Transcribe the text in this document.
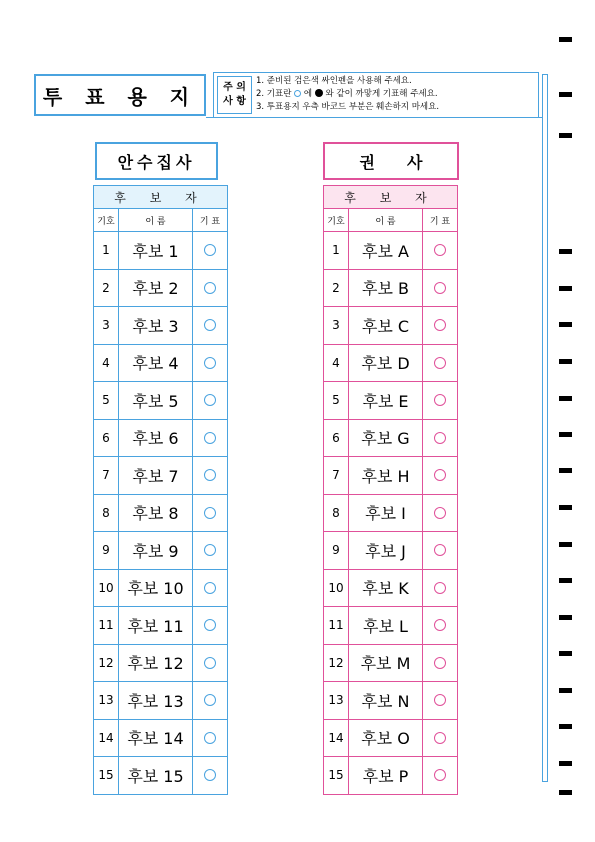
투 표 용 지	주 의
사 항
1. 준비된 검은색 싸인펜을 사용해 주세요.
2. 기표란 에 와 같이 까맣게 기표해 주세요.
3. 투표용지 우측 바코드 부분은 훼손하지 마세요.
안수집사
후 보 자
기호	이 름	기 표
1	후보 1
2	후보 2
3	후보 3
4	후보 4
5	후보 5
6	후보 6
7	후보 7
8	후보 8
9	후보 9
10 후보 10
11 후보 11
12 후보 12
13 후보 13
14 후보 14
15 후보 15
권사
후 보 자
기호	이 름	기 표
1	후보 A
2	후보 B
3	후보 C
4	후보 D
5	후보 E
6	후보 G
7	후보 H
8	후보 I
9	후보 J
10	후보 K
11	후보 L
12	후보 M
13	후보 N
14	후보 O
15	후보 P
